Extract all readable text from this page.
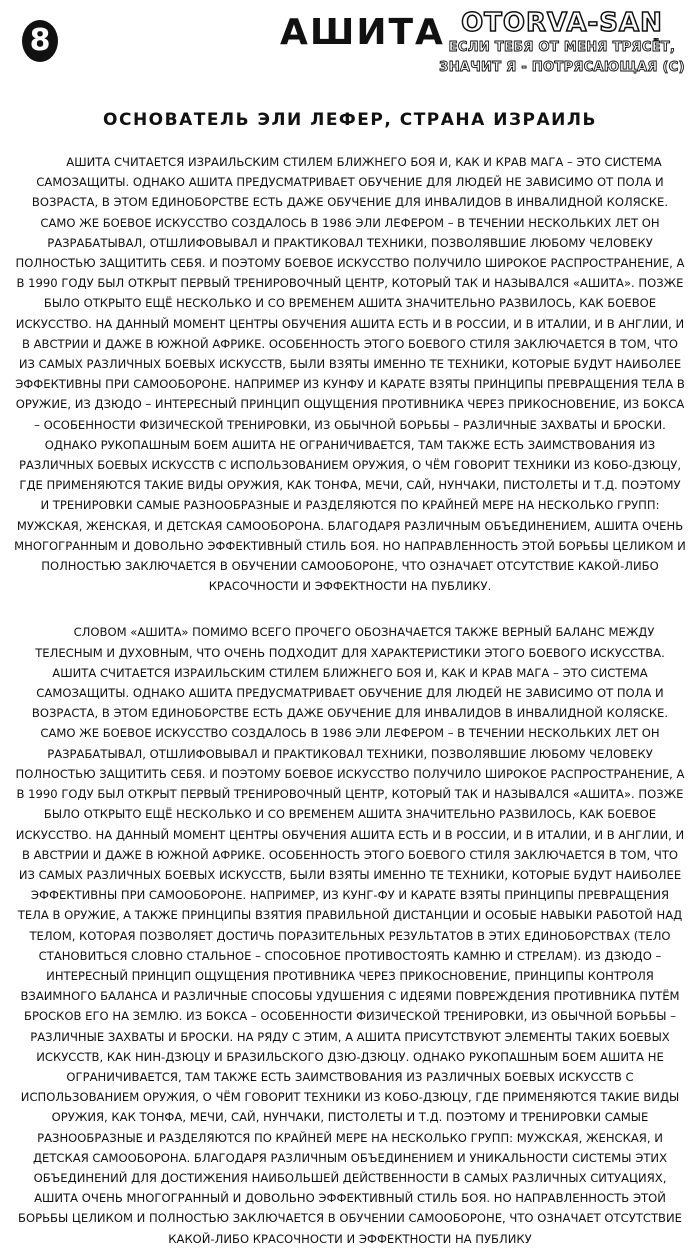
8	АШИТА OTORVA-SAN
ЕСЛИ ТЕБЯ ОТ МЕНЯ ТРЯСЁТ,
ЗНАЧИТ Я - ПОТРЯСАЮЩАЯ (С)
ОСНОВАТЕЛЬ ЭЛИ ЛЕФЕР, СТРАНА ИЗРАИЛЬ

АШИТА СЧИТАЕТСЯ ИЗРАИЛЬСКИМ СТИЛЕМ БЛИЖНЕГО БОЯ И, КАК И КРАВ МАГА – ЭТО СИСТЕМА САМОЗАЩИТЫ. ОДНАКО АШИТА ПРЕДУСМАТРИВАЕТ ОБУЧЕНИЕ ДЛЯ ЛЮДЕЙ НЕ ЗАВИСИМО ОТ ПОЛА И ВОЗРАСТА, В ЭТОМ ЕДИНОБОРСТВЕ ЕСТЬ ДАЖЕ ОБУЧЕНИЕ ДЛЯ ИНВАЛИДОВ В ИНВАЛИДНОЙ КОЛЯСКЕ. САМО ЖЕ БОЕВОЕ ИСКУССТВО СОЗДАЛОСЬ В 1986 ЭЛИ ЛЕФЕРОМ – В ТЕЧЕНИИ НЕСКОЛЬКИХ ЛЕТ ОН РАЗРАБАТЫВАЛ, ОТШЛИФОВЫВАЛ И ПРАКТИКОВАЛ ТЕХНИКИ, ПОЗВОЛЯВШИЕ ЛЮБОМУ ЧЕЛОВЕКУ ПОЛНОСТЬЮ ЗАЩИТИТЬ СЕБЯ. И ПОЭТОМУ БОЕВОЕ ИСКУССТВО ПОЛУЧИЛО ШИРОКОЕ РАСПРОСТРАНЕНИЕ, А В 1990 ГОДУ БЫЛ ОТКРЫТ ПЕРВЫЙ ТРЕНИРОВОЧНЫЙ ЦЕНТР, КОТОРЫЙ ТАК И НАЗЫВАЛСЯ «АШИТА». ПОЗЖЕ БЫЛО ОТКРЫТО ЕЩЁ НЕСКОЛЬКО И СО ВРЕМЕНЕМ АШИТА ЗНАЧИТЕЛЬНО РАЗВИЛОСЬ, КАК БОЕВОЕ ИСКУССТВО. НА ДАННЫЙ МОМЕНТ ЦЕНТРЫ ОБУЧЕНИЯ АШИТА ЕСТЬ И В РОССИИ, И В ИТАЛИИ, И В АНГЛИИ, И В АВСТРИИ И ДАЖЕ В ЮЖНОЙ АФРИКЕ. ОСОБЕННОСТЬ ЭТОГО БОЕВОГО СТИЛЯ ЗАКЛЮЧАЕТСЯ В ТОМ, ЧТО ИЗ САМЫХ РАЗЛИЧНЫХ БОЕВЫХ ИСКУССТВ, БЫЛИ ВЗЯТЫ ИМЕННО ТЕ ТЕХНИКИ, КОТОРЫЕ БУДУТ НАИБОЛЕЕ ЭФФЕКТИВНЫ ПРИ САМООБОРОНЕ. НАПРИМЕР ИЗ КУНФУ И КАРАТЕ ВЗЯТЫ ПРИНЦИПЫ ПРЕВРАЩЕНИЯ ТЕЛА В ОРУЖИЕ, ИЗ ДЗЮДО – ИНТЕРЕСНЫЙ ПРИНЦИП ОЩУЩЕНИЯ ПРОТИВНИКА ЧЕРЕЗ ПРИКОСНОВЕНИЕ, ИЗ БОКСА – ОСОБЕННОСТИ ФИЗИЧЕСКОЙ ТРЕНИРОВКИ, ИЗ ОБЫЧНОЙ БОРЬБЫ – РАЗЛИЧНЫЕ ЗАХВАТЫ И БРОСКИ. ОДНАКО РУКОПАШНЫМ БОЕМ АШИТА НЕ ОГРАНИЧИВАЕТСЯ, ТАМ ТАКЖЕ ЕСТЬ ЗАИМСТВОВАНИЯ ИЗ РАЗЛИЧНЫХ БОЕВЫХ ИСКУССТВ С ИСПОЛЬЗОВАНИЕМ ОРУЖИЯ, О ЧЁМ ГОВОРИТ ТЕХНИКИ ИЗ КОБО-ДЗЮЦУ, ГДЕ ПРИМЕНЯЮТСЯ ТАКИЕ ВИДЫ ОРУЖИЯ, КАК ТОНФА, МЕЧИ, САЙ, НУНЧАКИ, ПИСТОЛЕТЫ И Т.Д. ПОЭТОМУ И ТРЕНИРОВКИ САМЫЕ РАЗНООБРАЗНЫЕ И РАЗДЕЛЯЮТСЯ ПО КРАЙНЕЙ МЕРЕ НА НЕСКОЛЬКО ГРУПП: МУЖСКАЯ, ЖЕНСКАЯ, И ДЕТСКАЯ САМООБОРОНА. БЛАГОДАРЯ РАЗЛИЧНЫМ ОБЪЕДИНЕНИЕМ, АШИТА ОЧЕНЬ МНОГОГРАННЫМ И ДОВОЛЬНО ЭФФЕКТИВНЫЙ СТИЛЬ БОЯ. НО НАПРАВЛЕННОСТЬ ЭТОЙ БОРЬБЫ ЦЕЛИКОМ И ПОЛНОСТЬЮ ЗАКЛЮЧАЕТСЯ В ОБУЧЕНИИ САМООБОРОНЕ, ЧТО ОЗНАЧАЕТ ОТСУТСТВИЕ КАКОЙ-ЛИБО КРАСОЧНОСТИ И ЭФФЕКТНОСТИ НА ПУБЛИКУ.

СЛОВОМ «АШИТА» ПОМИМО ВСЕГО ПРОЧЕГО ОБОЗНАЧАЕТСЯ ТАКЖЕ ВЕРНЫЙ БАЛАНС МЕЖДУ ТЕЛЕСНЫМ И ДУХОВНЫМ, ЧТО ОЧЕНЬ ПОДХОДИТ ДЛЯ ХАРАКТЕРИСТИКИ ЭТОГО БОЕВОГО ИСКУССТВА. АШИТА СЧИТАЕТСЯ ИЗРАИЛЬСКИМ СТИЛЕМ БЛИЖНЕГО БОЯ И, КАК И КРАВ МАГА – ЭТО СИСТЕМА САМОЗАЩИТЫ. ОДНАКО АШИТА ПРЕДУСМАТРИВАЕТ ОБУЧЕНИЕ ДЛЯ ЛЮДЕЙ НЕ ЗАВИСИМО ОТ ПОЛА И ВОЗРАСТА, В ЭТОМ ЕДИНОБОРСТВЕ ЕСТЬ ДАЖЕ ОБУЧЕНИЕ ДЛЯ ИНВАЛИДОВ В ИНВАЛИДНОЙ КОЛЯСКЕ. САМО ЖЕ БОЕВОЕ ИСКУССТВО СОЗДАЛОСЬ В 1986 ЭЛИ ЛЕФЕРОМ – В ТЕЧЕНИИ НЕСКОЛЬКИХ ЛЕТ ОН РАЗРАБАТЫВАЛ, ОТШЛИФОВЫВАЛ И ПРАКТИКОВАЛ ТЕХНИКИ, ПОЗВОЛЯВШИЕ ЛЮБОМУ ЧЕЛОВЕКУ ПОЛНОСТЬЮ ЗАЩИТИТЬ СЕБЯ. И ПОЭТОМУ БОЕВОЕ ИСКУССТВО ПОЛУЧИЛО ШИРОКОЕ РАСПРОСТРАНЕНИЕ, А В 1990 ГОДУ БЫЛ ОТКРЫТ ПЕРВЫЙ ТРЕНИРОВОЧНЫЙ ЦЕНТР, КОТОРЫЙ ТАК И НАЗЫВАЛСЯ «АШИТА». ПОЗЖЕ БЫЛО ОТКРЫТО ЕЩЁ НЕСКОЛЬКО И СО ВРЕМЕНЕМ АШИТА ЗНАЧИТЕЛЬНО РАЗВИЛОСЬ, КАК БОЕВОЕ ИСКУССТВО. НА ДАННЫЙ МОМЕНТ ЦЕНТРЫ ОБУЧЕНИЯ АШИТА ЕСТЬ И В РОССИИ, И В ИТАЛИИ, И В АНГЛИИ, И В АВСТРИИ И ДАЖЕ В ЮЖНОЙ АФРИКЕ. ОСОБЕННОСТЬ ЭТОГО БОЕВОГО СТИЛЯ ЗАКЛЮЧАЕТСЯ В ТОМ, ЧТО ИЗ САМЫХ РАЗЛИЧНЫХ БОЕВЫХ ИСКУССТВ, БЫЛИ ВЗЯТЫ ИМЕННО ТЕ ТЕХНИКИ, КОТОРЫЕ БУДУТ НАИБОЛЕЕ ЭФФЕКТИВНЫ ПРИ САМООБОРОНЕ. НАПРИМЕР, ИЗ КУНГ-ФУ И КАРАТЕ ВЗЯТЫ ПРИНЦИПЫ ПРЕВРАЩЕНИЯ ТЕЛА В ОРУЖИЕ, А ТАКЖЕ ПРИНЦИПЫ ВЗЯТИЯ ПРАВИЛЬНОЙ ДИСТАНЦИИ И ОСОБЫЕ НАВЫКИ РАБОТОЙ НАД ТЕЛОМ, КОТОРАЯ ПОЗВОЛЯЕТ ДОСТИЧЬ ПОРАЗИТЕЛЬНЫХ РЕЗУЛЬТАТОВ В ЭТИХ ЕДИНОБОРСТВАХ (ТЕЛО СТАНОВИТЬСЯ СЛОВНО СТАЛЬНОЕ – СПОСОБНОЕ ПРОТИВОСТОЯТЬ КАМНЮ И СТРЕЛАМ). ИЗ ДЗЮДО – ИНТЕРЕСНЫЙ ПРИНЦИП ОЩУЩЕНИЯ ПРОТИВНИКА ЧЕРЕЗ ПРИКОСНОВЕНИЕ, ПРИНЦИПЫ КОНТРОЛЯ ВЗАИМНОГО БАЛАНСА И РАЗЛИЧНЫЕ СПОСОБЫ УДУШЕНИЯ С ИДЕЯМИ ПОВРЕЖДЕНИЯ ПРОТИВНИКА ПУТЁМ БРОСКОВ ЕГО НА ЗЕМЛЮ. ИЗ БОКСА – ОСОБЕННОСТИ ФИЗИЧЕСКОЙ ТРЕНИРОВКИ, ИЗ ОБЫЧНОЙ БОРЬБЫ – РАЗЛИЧНЫЕ ЗАХВАТЫ И БРОСКИ. НА РЯДУ С ЭТИМ, А АШИТА ПРИСУТСТВУЮТ ЭЛЕМЕНТЫ ТАКИХ БОЕВЫХ ИСКУССТВ, КАК НИН-ДЗЮЦУ И БРАЗИЛЬСКОГО ДЗЮ-ДЗЮЦУ. ОДНАКО РУКОПАШНЫМ БОЕМ АШИТА НЕ ОГРАНИЧИВАЕТСЯ, ТАМ ТАКЖЕ ЕСТЬ ЗАИМСТВОВАНИЯ ИЗ РАЗЛИЧНЫХ БОЕВЫХ ИСКУССТВ С ИСПОЛЬЗОВАНИЕМ ОРУЖИЯ, О ЧЁМ ГОВОРИТ ТЕХНИКИ ИЗ КОБО-ДЗЮЦУ, ГДЕ ПРИМЕНЯЮТСЯ ТАКИЕ ВИДЫ ОРУЖИЯ, КАК ТОНФА, МЕЧИ, САЙ, НУНЧАКИ, ПИСТОЛЕТЫ И Т.Д. ПОЭТОМУ И ТРЕНИРОВКИ САМЫЕ РАЗНООБРАЗНЫЕ И РАЗДЕЛЯЮТСЯ ПО КРАЙНЕЙ МЕРЕ НА НЕСКОЛЬКО ГРУПП: МУЖСКАЯ, ЖЕНСКАЯ, И ДЕТСКАЯ САМООБОРОНА. БЛАГОДАРЯ РАЗЛИЧНЫМ ОБЪЕДИНЕНИЕМ И УНИКАЛЬНОСТИ СИСТЕМЫ ЭТИХ ОБЪЕДИНЕНИЙ ДЛЯ ДОСТИЖЕНИЯ НАИБОЛЬШЕЙ ДЕЙСТВЕННОСТИ В САМЫХ РАЗЛИЧНЫХ СИТУАЦИЯХ, АШИТА ОЧЕНЬ МНОГОГРАННЫЙ И ДОВОЛЬНО ЭФФЕКТИВНЫЙ СТИЛЬ БОЯ. НО НАПРАВЛЕННОСТЬ ЭТОЙ БОРЬБЫ ЦЕЛИКОМ И ПОЛНОСТЬЮ ЗАКЛЮЧАЕТСЯ В ОБУЧЕНИИ САМООБОРОНЕ, ЧТО ОЗНАЧАЕТ ОТСУТСТВИЕ КАКОЙ-ЛИБО КРАСОЧНОСТИ И ЭФФЕКТНОСТИ НА ПУБЛИКУ
